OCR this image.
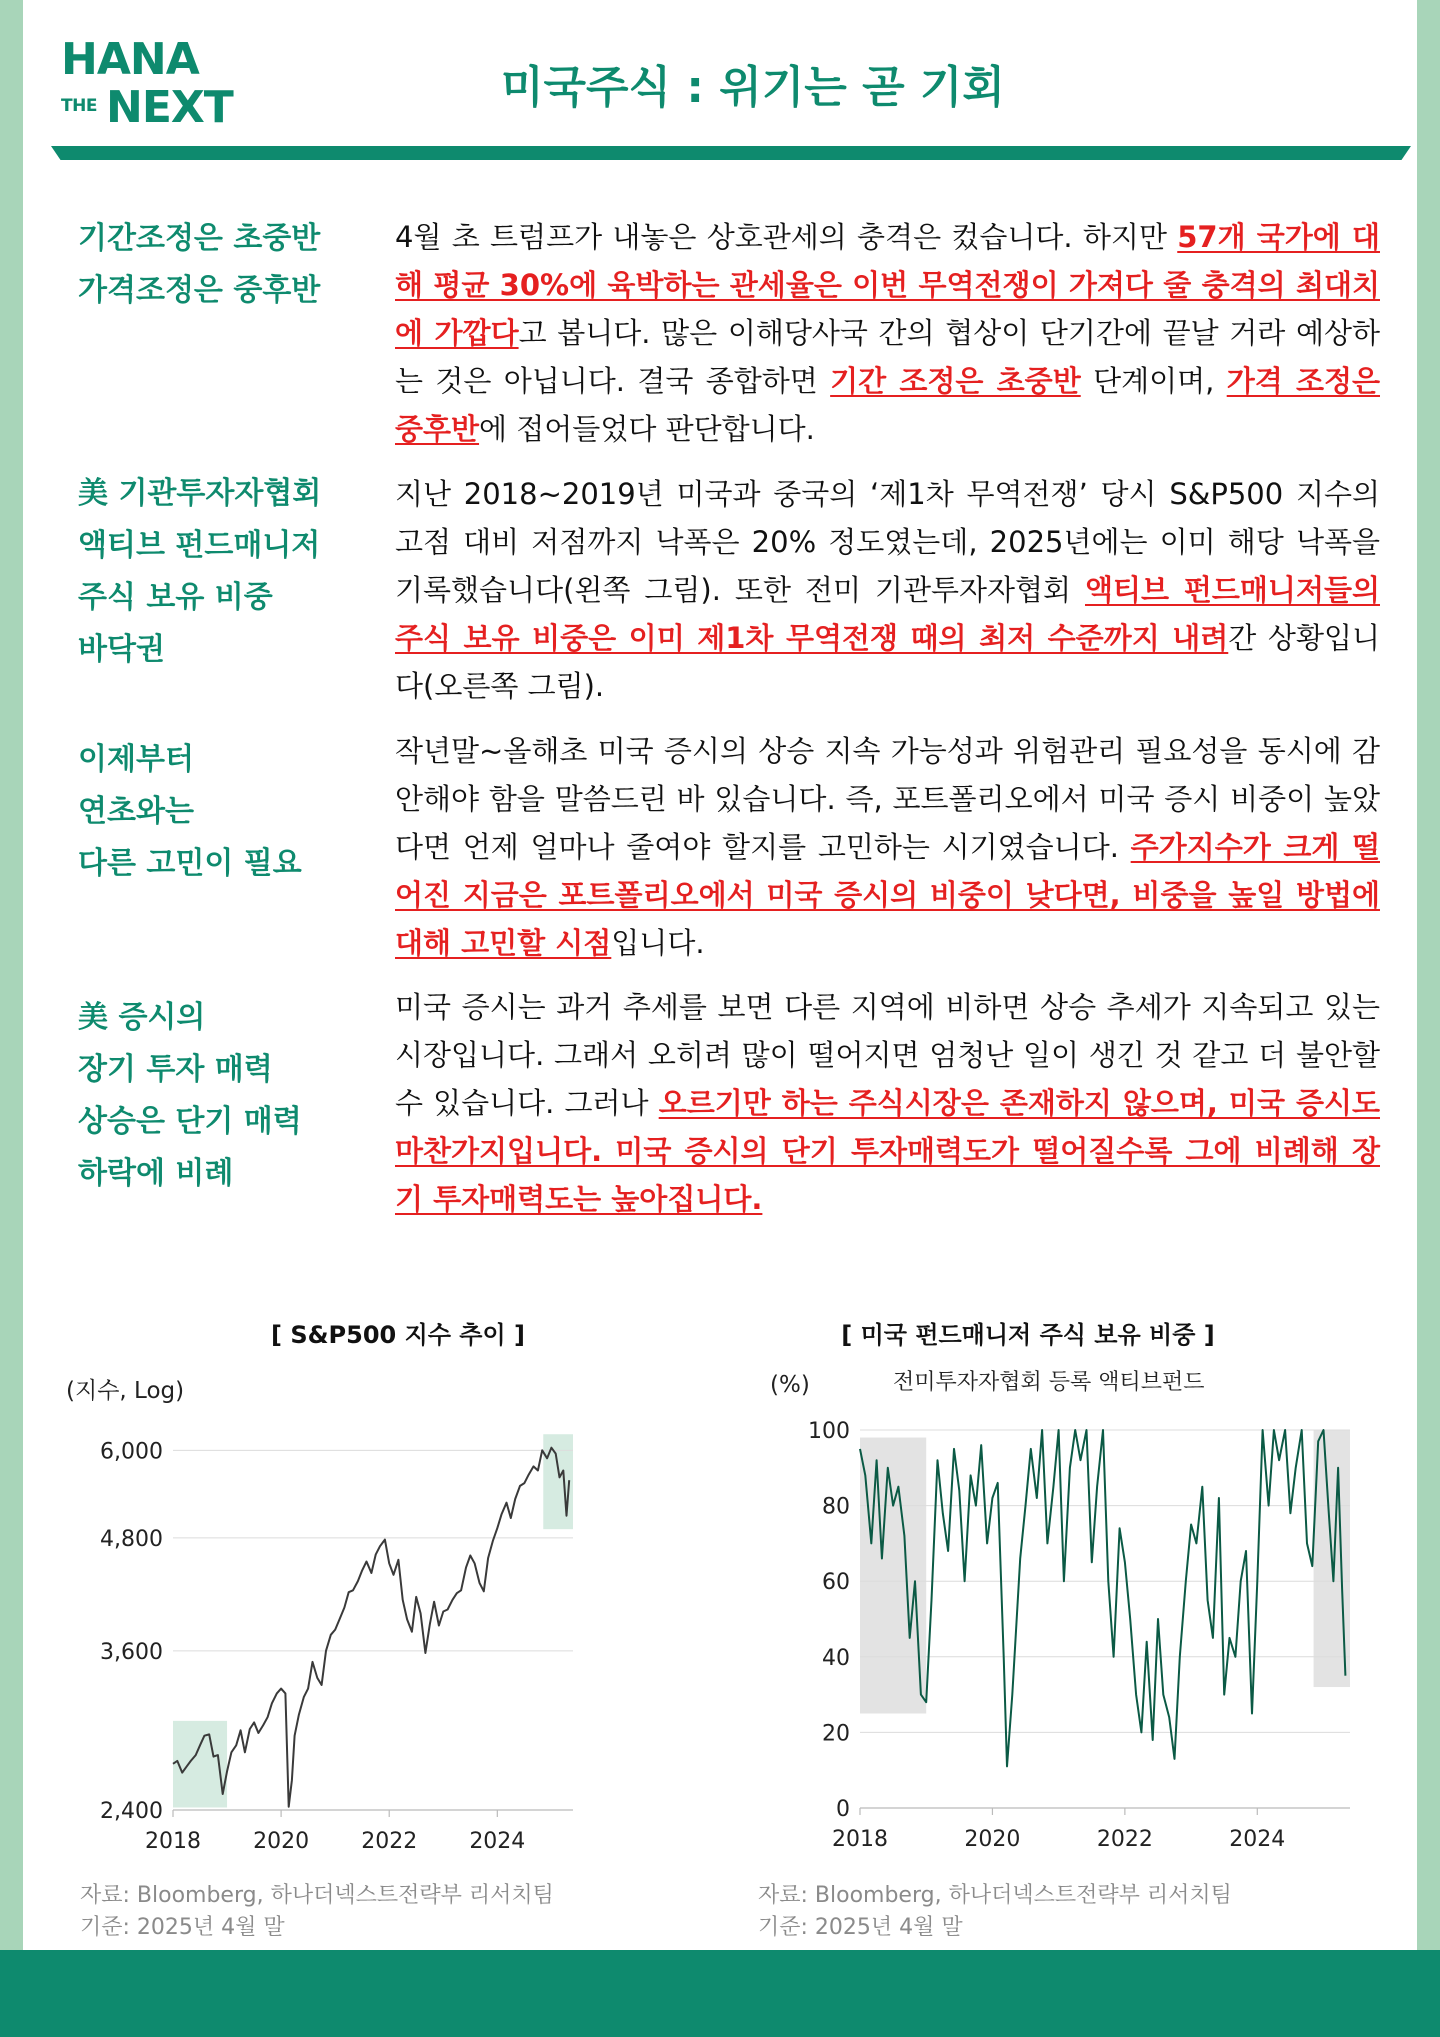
HANA
THE NEXT	미국주식 : 위기는 곧 기회
기간조정은 초중반
가격조정은 중후반

4월 초 트럼프가 내놓은 상호관세의 충격은 컸습니다. 하지만 57개 국가에 대해 평균 30%에 육박하는 관세율은 이번 무역전쟁이 가져다 줄 충격의 최대치에 가깝다고 봅니다. 많은 이해당사국 간의 협상이 단기간에 끝날 거라 예상하는 것은 아닙니다. 결국 종합하면 기간 조정은 초중반 단계이며, 가격 조정은 중후반에 접어들었다 판단합니다.

美 기관투자자협회
액티브 펀드매니저
주식 보유 비중
바닥권

지난 2018~2019년 미국과 중국의 ‘제1차 무역전쟁’ 당시 S&P500 지수의 고점 대비 저점까지 낙폭은 20% 정도였는데, 2025년에는 이미 해당 낙폭을 기록했습니다(왼쪽 그림). 또한 전미 기관투자자협회 액티브 펀드매니저들의 주식 보유 비중은 이미 제1차 무역전쟁 때의 최저 수준까지 내려간 상황입니다(오른쪽 그림).

이제부터
연초와는
다른 고민이 필요

작년말~올해초 미국 증시의 상승 지속 가능성과 위험관리 필요성을 동시에 감안해야 함을 말씀드린 바 있습니다. 즉, 포트폴리오에서 미국 증시 비중이 높았다면 언제 얼마나 줄여야 할지를 고민하는 시기였습니다. 주가지수가 크게 떨어진 지금은 포트폴리오에서 미국 증시의 비중이 낮다면, 비중을 높일 방법에 대해 고민할 시점입니다.

美 증시의
장기 투자 매력
상승은 단기 매력
하락에 비례

미국 증시는 과거 추세를 보면 다른 지역에 비하면 상승 추세가 지속되고 있는 시장입니다. 그래서 오히려 많이 떨어지면 엄청난 일이 생긴 것 같고 더 불안할 수 있습니다. 그러나 오르기만 하는 주식시장은 존재하지 않으며, 미국 증시도 마찬가지입니다. 미국 증시의 단기 투자매력도가 떨어질수록 그에 비례해 장기 투자매력도는 높아집니다.

[ S&P500 지수 추이 ]
(지수, Log)
2,400
3,600
4,800
6,000
2018 2020 2022 2024
자료: Bloomberg, 하나더넥스트전략부 리서치팀
기준: 2025년 4월 말
[ 미국 펀드매니저 주식 보유 비중 ]
(%)	전미투자자협회 등록 액티브펀드
0
20
40
60
80
100
2018	2020	2022	2024
자료: Bloomberg, 하나더넥스트전략부 리서치팀
기준: 2025년 4월 말
